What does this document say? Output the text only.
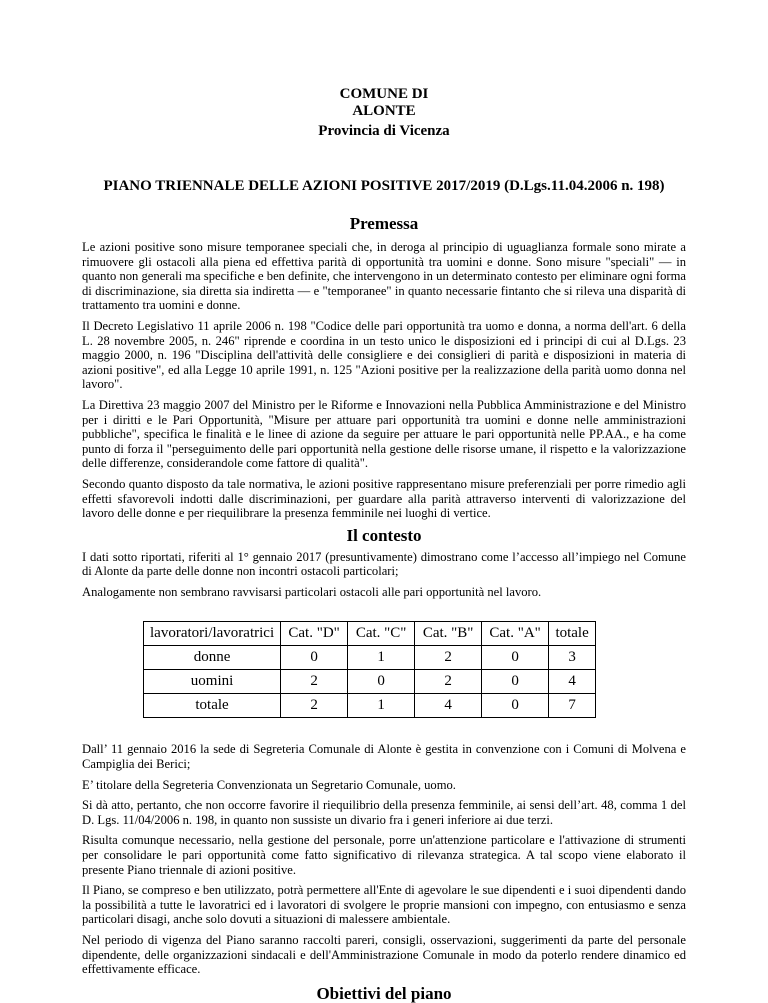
COMUNE DI
ALONTE
Provincia di Vicenza
PIANO TRIENNALE DELLE AZIONI POSITIVE 2017/2019 (D.Lgs.11.04.2006 n. 198)
Premessa

Le azioni positive sono misure temporanee speciali che, in deroga al principio di uguaglianza formale sono mirate a rimuovere gli ostacoli alla piena ed effettiva parità di opportunità tra uomini e donne. Sono misure "speciali" — in quanto non generali ma specifiche e ben definite, che intervengono in un determinato contesto per eliminare ogni forma di discriminazione, sia diretta sia indiretta — e "temporanee" in quanto necessarie fintanto che si rileva una disparità di trattamento tra uomini e donne.

Il Decreto Legislativo 11 aprile 2006 n. 198 "Codice delle pari opportunità tra uomo e donna, a norma dell'art. 6 della L. 28 novembre 2005, n. 246" riprende e coordina in un testo unico le disposizioni ed i principi di cui al D.Lgs. 23 maggio 2000, n. 196 "Disciplina dell'attività delle consigliere e dei consiglieri di parità e disposizioni in materia di azioni positive", ed alla Legge 10 aprile 1991, n. 125 "Azioni positive per la realizzazione della parità uomo donna nel lavoro".

La Direttiva 23 maggio 2007 del Ministro per le Riforme e Innovazioni nella Pubblica Amministrazione e del Ministro per i diritti e le Pari Opportunità, "Misure per attuare pari opportunità tra uomini e donne nelle amministrazioni pubbliche", specifica le finalità e le linee di azione da seguire per attuare le pari opportunità nelle PP.AA., e ha come punto di forza il "perseguimento delle pari opportunità nella gestione delle risorse umane, il rispetto e la valorizzazione delle differenze, considerandole come fattore di qualità".

Secondo quanto disposto da tale normativa, le azioni positive rappresentano misure preferenziali per porre rimedio agli effetti sfavorevoli indotti dalle discriminazioni, per guardare alla parità attraverso interventi di valorizzazione del lavoro delle donne e per riequilibrare la presenza femminile nei luoghi di vertice.

Il contesto

I dati sotto riportati, riferiti al 1° gennaio 2017 (presuntivamente) dimostrano come l’accesso all’impiego nel Comune di Alonte da parte delle donne non incontri ostacoli particolari;

Analogamente non sembrano ravvisarsi particolari ostacoli alle pari opportunità nel lavoro.

lavoratori/lavoratrici	Cat. "D"	Cat. "C"	Cat. "B"	Cat. "A"	totale
donne	0	1	2	0	3
uomini	2	0	2	0	4
totale	2	1	4	0	7

Dall’ 11 gennaio 2016 la sede di Segreteria Comunale di Alonte è gestita in convenzione con i Comuni di Molvena e Campiglia dei Berici;

E’ titolare della Segreteria Convenzionata un Segretario Comunale, uomo.

Si dà atto, pertanto, che non occorre favorire il riequilibrio della presenza femminile, ai sensi dell’art. 48, comma 1 del D. Lgs. 11/04/2006 n. 198, in quanto non sussiste un divario fra i generi inferiore ai due terzi.

Risulta comunque necessario, nella gestione del personale, porre un'attenzione particolare e l'attivazione di strumenti per consolidare le pari opportunità come fatto significativo di rilevanza strategica. A tal scopo viene elaborato il presente Piano triennale di azioni positive.

Il Piano, se compreso e ben utilizzato, potrà permettere all'Ente di agevolare le sue dipendenti e i suoi dipendenti dando la possibilità a tutte le lavoratrici ed i lavoratori di svolgere le proprie mansioni con impegno, con entusiasmo e senza particolari disagi, anche solo dovuti a situazioni di malessere ambientale.

Nel periodo di vigenza del Piano saranno raccolti pareri, consigli, osservazioni, suggerimenti da parte del personale dipendente, delle organizzazioni sindacali e dell'Amministrazione Comunale in modo da poterlo rendere dinamico ed effettivamente efficace.

Obiettivi del piano
